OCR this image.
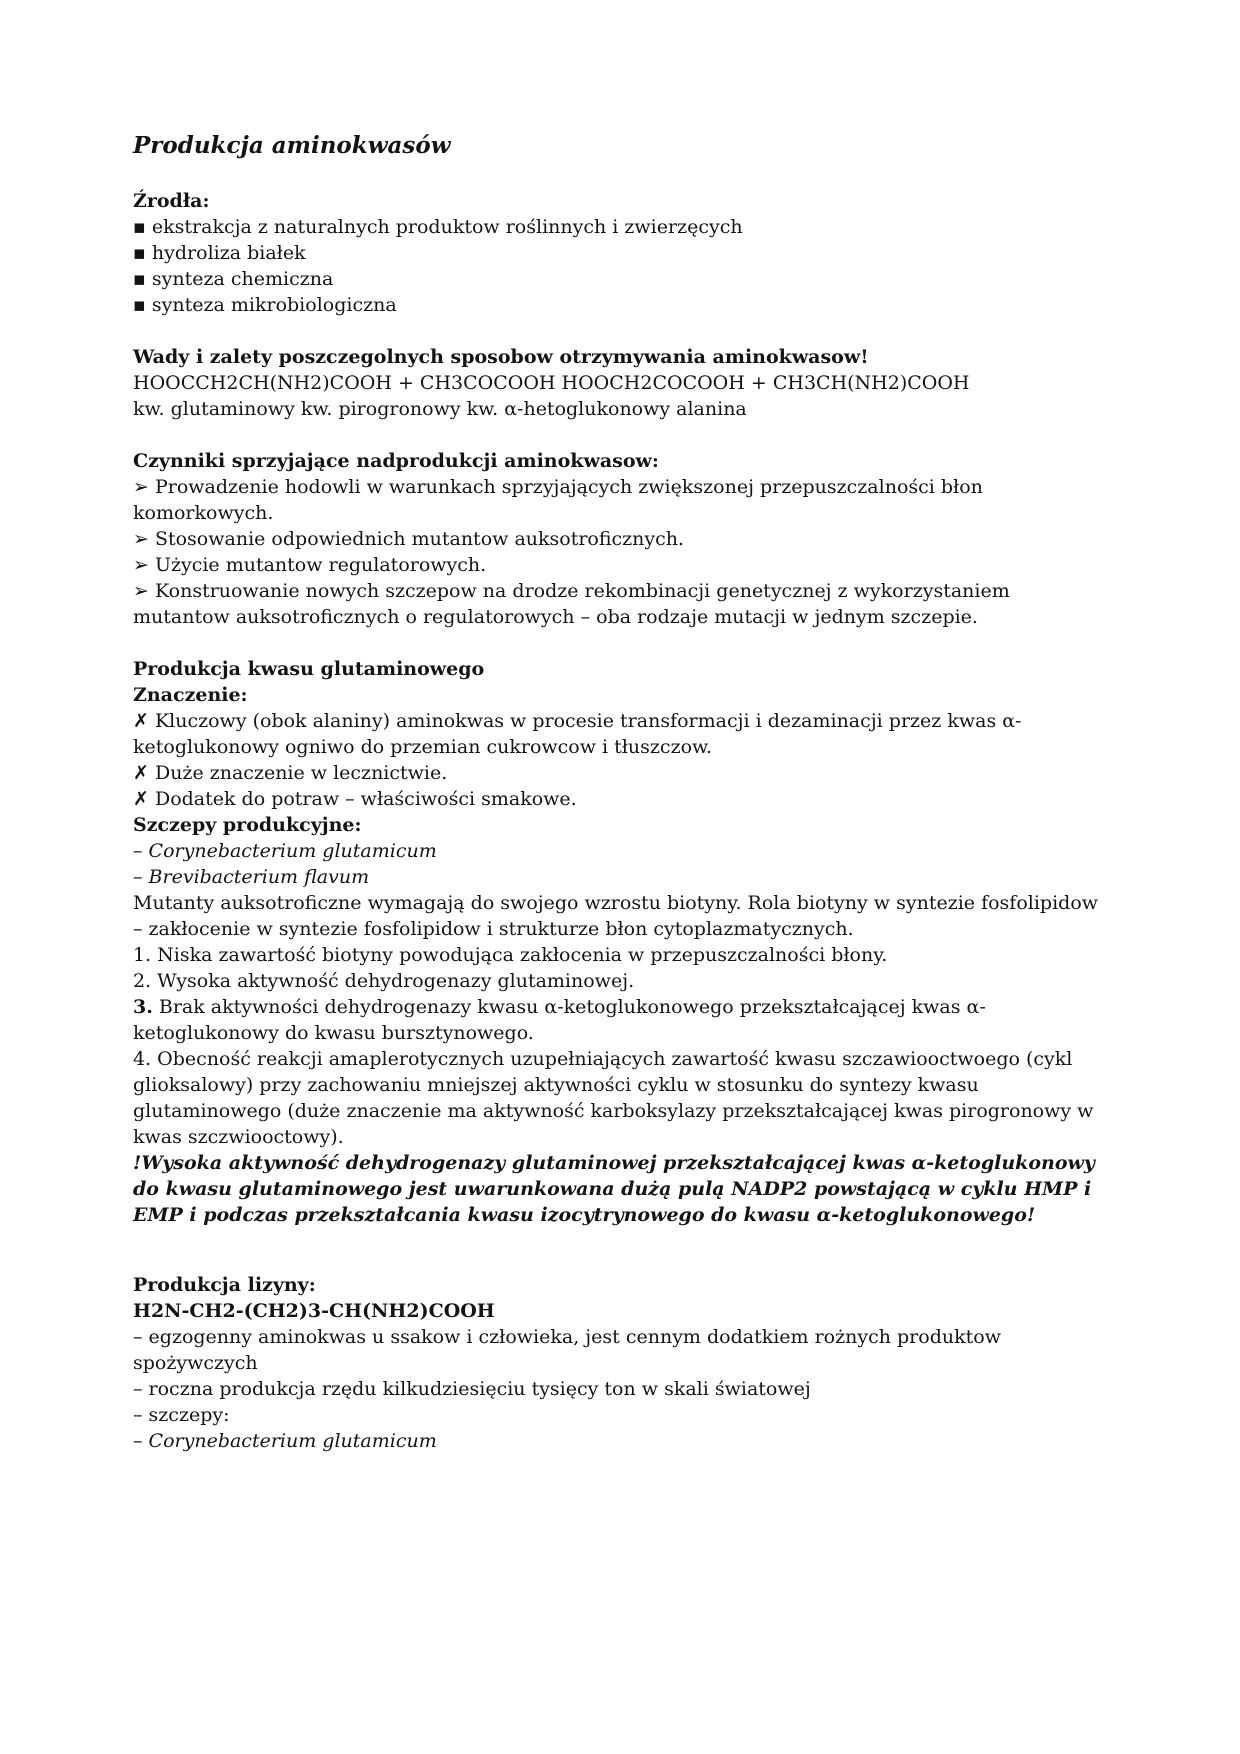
Produkcja aminokwasów

Źrodła:

▪ ekstrakcja z naturalnych produktow roślinnych i zwierzęcych

▪ hydroliza białek

▪ synteza chemiczna

▪ synteza mikrobiologiczna

Wady i zalety poszczegolnych sposobow otrzymywania aminokwasow!

HOOCCH2CH(NH2)COOH + CH3COCOOH HOOCH2COCOOH + CH3CH(NH2)COOH

kw. glutaminowy kw. pirogronowy kw. α-hetoglukonowy alanina

Czynniki sprzyjające nadprodukcji aminokwasow:

➢ Prowadzenie hodowli w warunkach sprzyjających zwiększonej przepuszczalności błon komorkowych.

➢ Stosowanie odpowiednich mutantow auksotroficznych.

➢ Użycie mutantow regulatorowych.

➢ Konstruowanie nowych szczepow na drodze rekombinacji genetycznej z wykorzystaniem mutantow auksotroficznych o regulatorowych – oba rodzaje mutacji w jednym szczepie.

Produkcja kwasu glutaminowego

Znaczenie:

✗ Kluczowy (obok alaniny) aminokwas w procesie transformacji i dezaminacji przez kwas α-ketoglukonowy ogniwo do przemian cukrowcow i tłuszczow.

✗ Duże znaczenie w lecznictwie.

✗ Dodatek do potraw – właściwości smakowe.

Szczepy produkcyjne:

– Corynebacterium glutamicum

– Brevibacterium flavum

Mutanty auksotroficzne wymagają do swojego wzrostu biotyny. Rola biotyny w syntezie fosfolipidow – zakłocenie w syntezie fosfolipidow i strukturze błon cytoplazmatycznych.

1. Niska zawartość biotyny powodująca zakłocenia w przepuszczalności błony.

2. Wysoka aktywność dehydrogenazy glutaminowej.

3. Brak aktywności dehydrogenazy kwasu α-ketoglukonowego przekształcającej kwas α-ketoglukonowy do kwasu bursztynowego.

4. Obecność reakcji amaplerotycznych uzupełniających zawartość kwasu szczawiooctwoego (cykl glioksalowy) przy zachowaniu mniejszej aktywności cyklu w stosunku do syntezy kwasu glutaminowego (duże znaczenie ma aktywność karboksylazy przekształcającej kwas pirogronowy w kwas szczwiooctowy).

!Wysoka aktywność dehydrogenazy glutaminowej przekształcającej kwas α-ketoglukonowy do kwasu glutaminowego jest uwarunkowana dużą pulą NADP2 powstającą w cyklu HMP i EMP i podczas przekształcania kwasu izocytrynowego do kwasu α-ketoglukonowego!

Produkcja lizyny:

H2N-CH2-(CH2)3-CH(NH2)COOH

– egzogenny aminokwas u ssakow i człowieka, jest cennym dodatkiem rożnych produktow spożywczych

– roczna produkcja rzędu kilkudziesięciu tysięcy ton w skali światowej

– szczepy:

– Corynebacterium glutamicum
